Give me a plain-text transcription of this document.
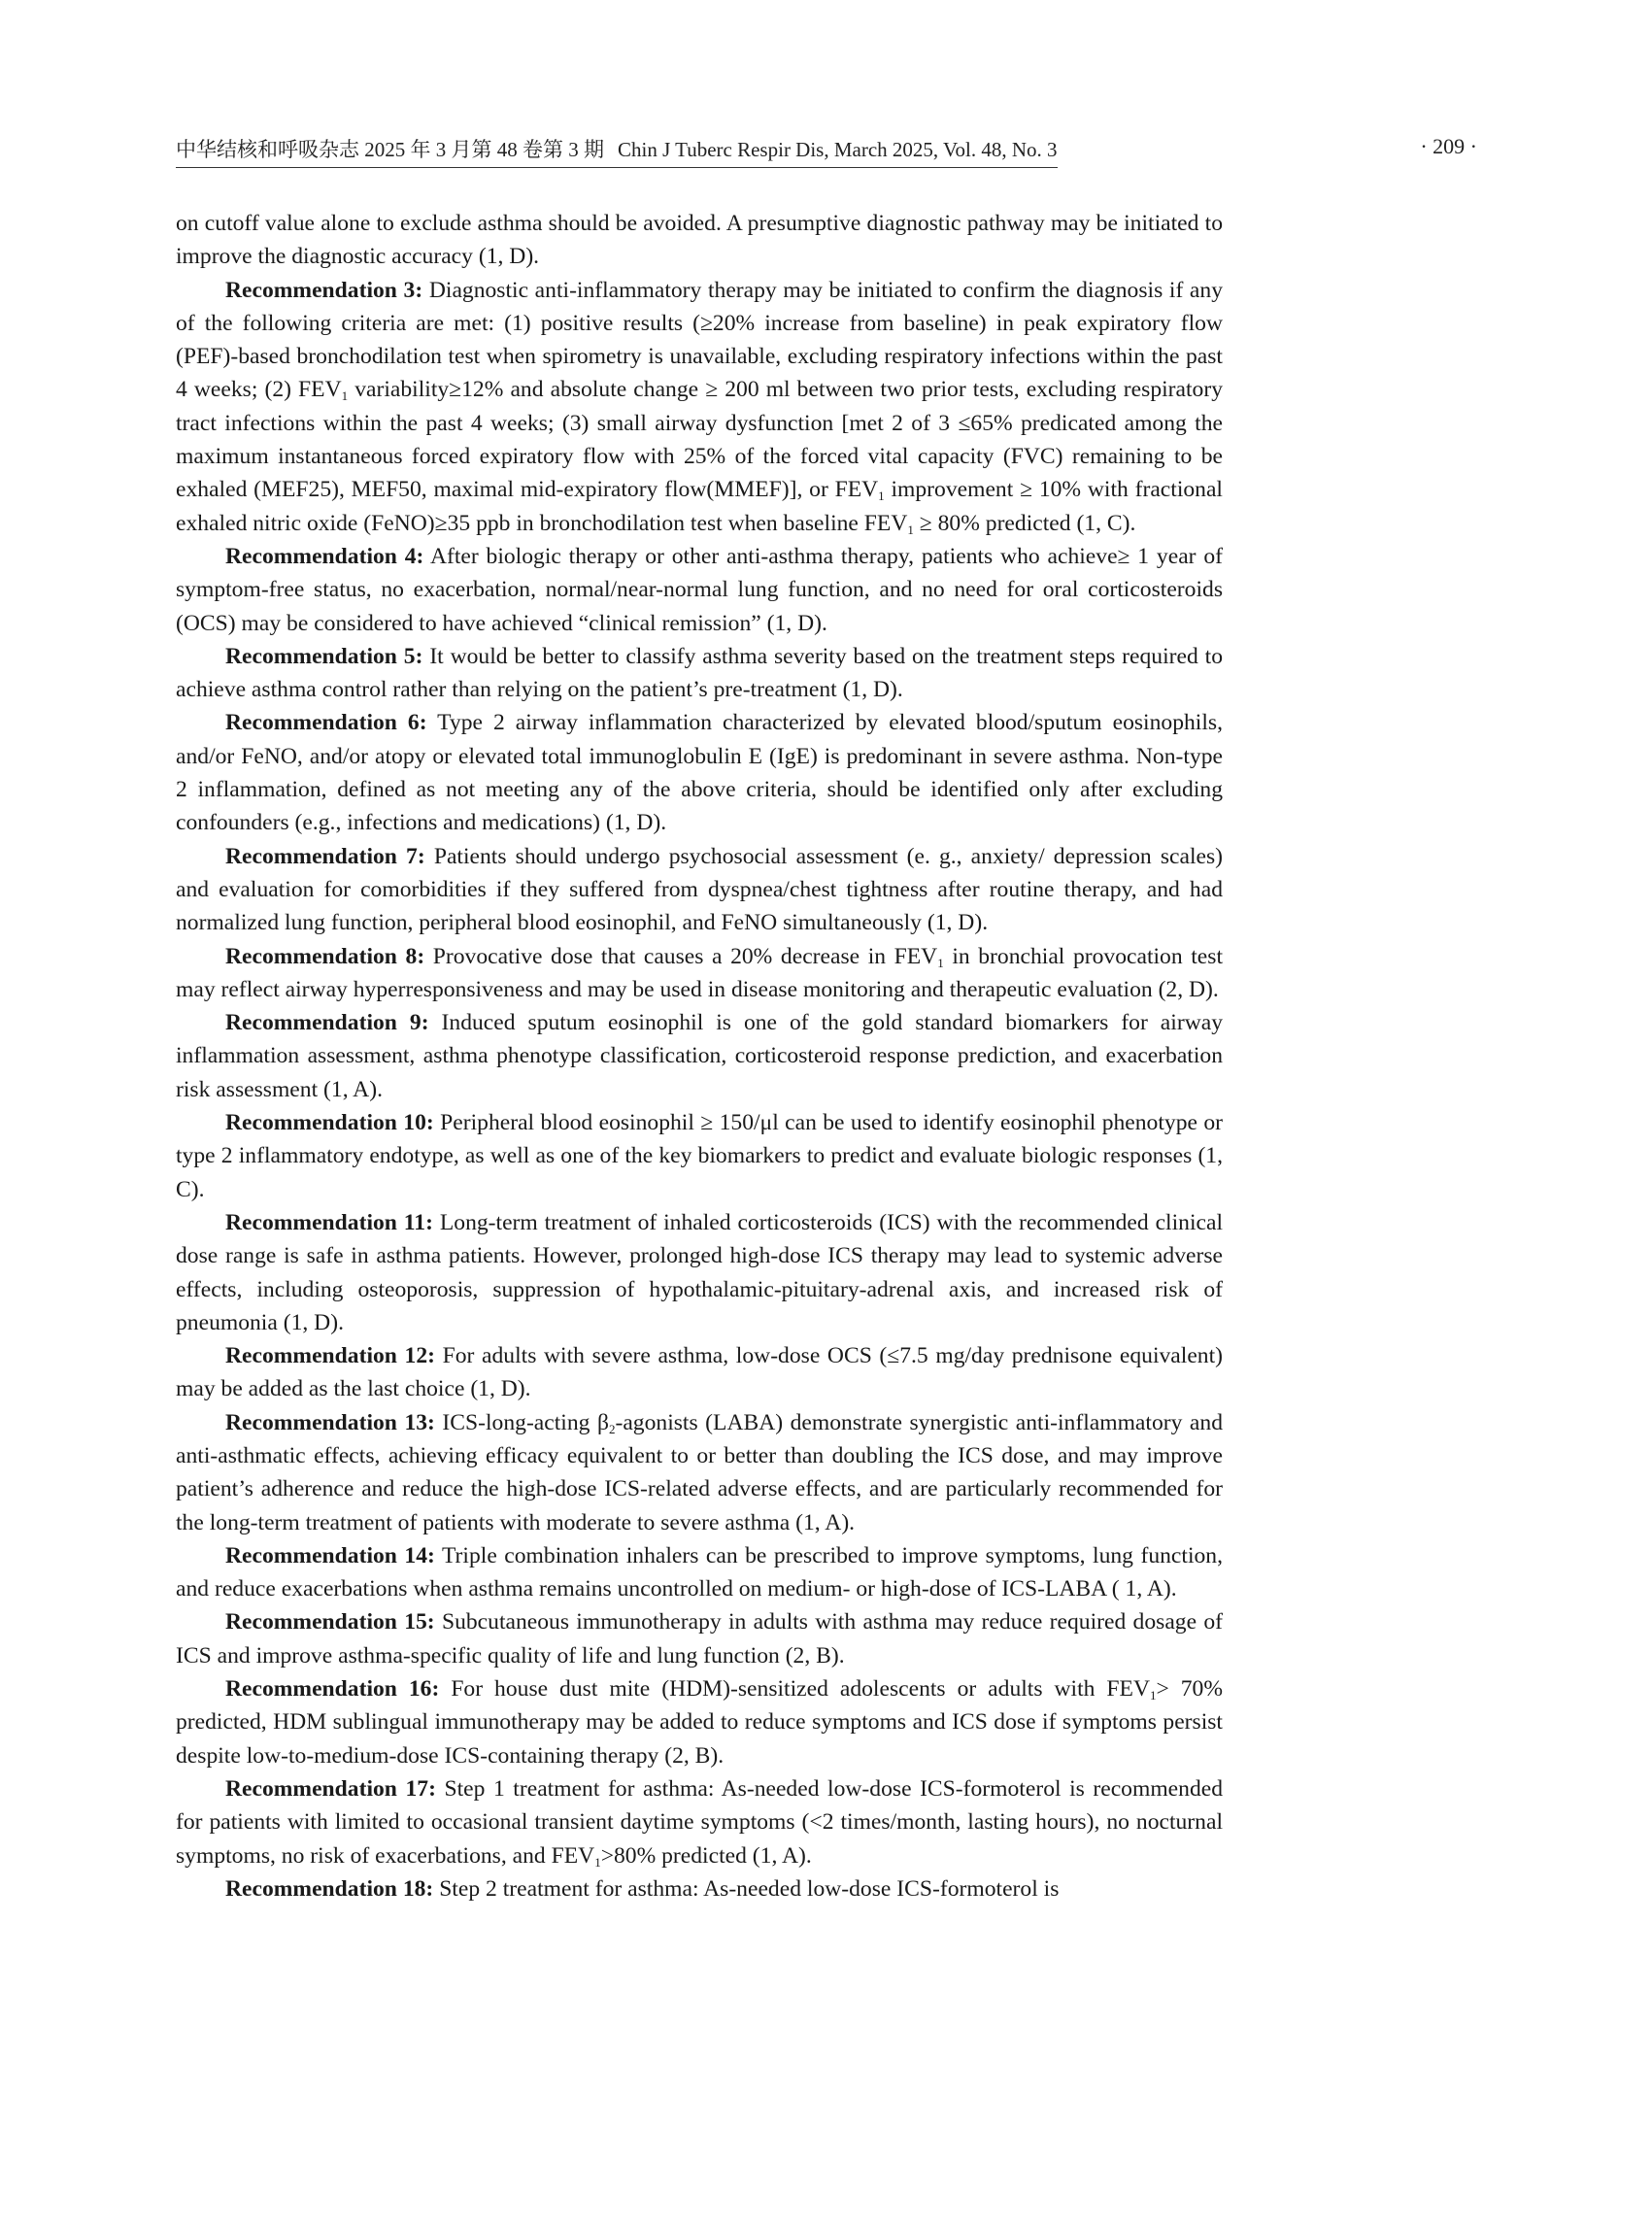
中华结核和呼吸杂志 2025 年 3 月第 48 卷第 3 期 Chin J Tuberc Respir Dis, March 2025, Vol. 48, No. 3	· 209 ·

on cutoff value alone to exclude asthma should be avoided. A presumptive diagnostic pathway may be initiated to improve the diagnostic accuracy (1, D).

Recommendation 3: Diagnostic anti-inflammatory therapy may be initiated to confirm the diagnosis if any of the following criteria are met: (1) positive results (≥20% increase from baseline) in peak expiratory flow (PEF)-based bronchodilation test when spirometry is unavailable, excluding respiratory infections within the past 4 weeks; (2) $FEV_1$ variability≥12% and absolute change ≥ 200 ml between two prior tests, excluding respiratory tract infections within the past 4 weeks; (3) small airway dysfunction [met 2 of 3 ≤65% predicated among the maximum instantaneous forced expiratory flow with 25% of the forced vital capacity (FVC) remaining to be exhaled (MEF25), MEF50, maximal mid-expiratory flow(MMEF)], or $FEV_1$ improvement ≥ 10% with fractional exhaled nitric oxide (FeNO)≥35 ppb in bronchodilation test when baseline $FEV_1 \ge 80\%$ predicted (1, C).

Recommendation 4: After biologic therapy or other anti-asthma therapy, patients who achieve≥ 1 year of symptom-free status, no exacerbation, normal/near-normal lung function, and no need for oral corticosteroids (OCS) may be considered to have achieved “clinical remission” (1, D).

Recommendation 5: It would be better to classify asthma severity based on the treatment steps required to achieve asthma control rather than relying on the patient’s pre-treatment (1, D).

Recommendation 6: Type 2 airway inflammation characterized by elevated blood/sputum eosinophils, and/or FeNO, and/or atopy or elevated total immunoglobulin E (IgE) is predominant in severe asthma. Non-type 2 inflammation, defined as not meeting any of the above criteria, should be identified only after excluding confounders (e.g., infections and medications) (1, D).

Recommendation 7: Patients should undergo psychosocial assessment (e. g., anxiety/ depression scales) and evaluation for comorbidities if they suffered from dyspnea/chest tightness after routine therapy, and had normalized lung function, peripheral blood eosinophil, and FeNO simultaneously (1, D).

Recommendation 8: Provocative dose that causes a 20% decrease in $FEV_1$ in bronchial provocation test may reflect airway hyperresponsiveness and may be used in disease monitoring and therapeutic evaluation (2, D).

Recommendation 9: Induced sputum eosinophil is one of the gold standard biomarkers for airway inflammation assessment, asthma phenotype classification, corticosteroid response prediction, and exacerbation risk assessment (1, A).

Recommendation 10: Peripheral blood eosinophil ≥ 150/μl can be used to identify eosinophil phenotype or type 2 inflammatory endotype, as well as one of the key biomarkers to predict and evaluate biologic responses (1, C).

Recommendation 11: Long-term treatment of inhaled corticosteroids (ICS) with the recommended clinical dose range is safe in asthma patients. However, prolonged high-dose ICS therapy may lead to systemic adverse effects, including osteoporosis, suppression of hypothalamic-pituitary-adrenal axis, and increased risk of pneumonia (1, D).

Recommendation 12: For adults with severe asthma, low-dose OCS (≤7.5 mg/day prednisone equivalent) may be added as the last choice (1, D).

Recommendation 13: ICS-long-acting $\beta_2$-agonists (LABA) demonstrate synergistic anti-inflammatory and anti-asthmatic effects, achieving efficacy equivalent to or better than doubling the ICS dose, and may improve patient’s adherence and reduce the high-dose ICS-related adverse effects, and are particularly recommended for the long-term treatment of patients with moderate to severe asthma (1, A).

Recommendation 14: Triple combination inhalers can be prescribed to improve symptoms, lung function, and reduce exacerbations when asthma remains uncontrolled on medium- or high-dose of ICS-LABA ( 1, A).

Recommendation 15: Subcutaneous immunotherapy in adults with asthma may reduce required dosage of ICS and improve asthma-specific quality of life and lung function (2, B).

Recommendation 16: For house dust mite (HDM)-sensitized adolescents or adults with $FEV_1> 70\%$ predicted, HDM sublingual immunotherapy may be added to reduce symptoms and ICS dose if symptoms persist despite low-to-medium-dose ICS-containing therapy (2, B).

Recommendation 17: Step 1 treatment for asthma: As-needed low-dose ICS-formoterol is recommended for patients with limited to occasional transient daytime symptoms (<2 times/month, lasting hours), no nocturnal symptoms, no risk of exacerbations, and $FEV_1>80\%$ predicted (1, A).

Recommendation 18: Step 2 treatment for asthma: As-needed low-dose ICS-formoterol is
